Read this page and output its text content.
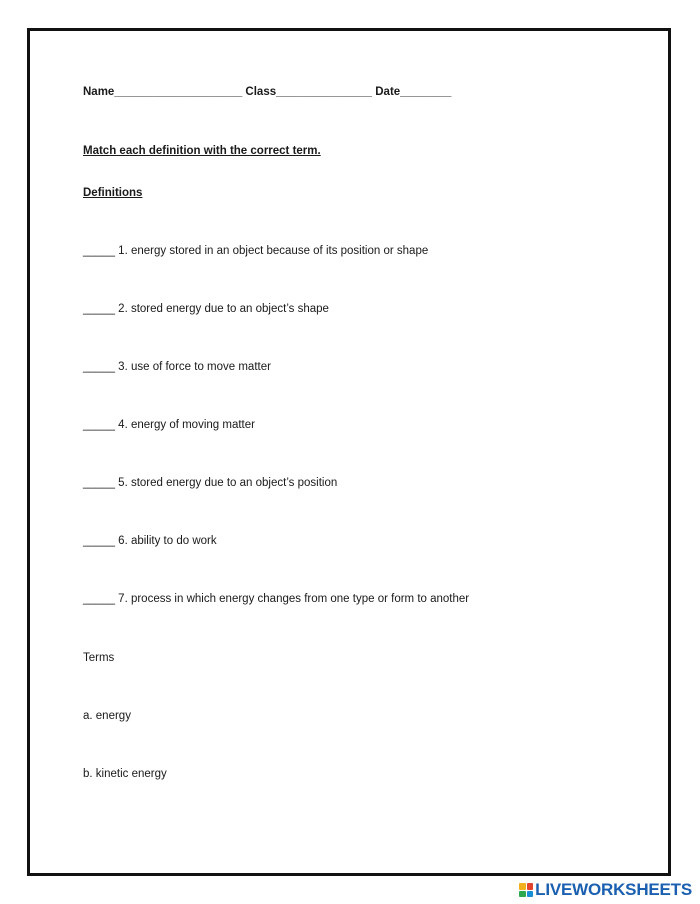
Name____________________ Class_______________ Date________
Match each definition with the correct term.
Definitions
_____ 1. energy stored in an object because of its position or shape
_____ 2. stored energy due to an object’s shape
_____ 3. use of force to move matter
_____ 4. energy of moving matter
_____ 5. stored energy due to an object’s position
_____ 6. ability to do work
_____ 7. process in which energy changes from one type or form to another
Terms
a. energy
b. kinetic energy
LIVEWORKSHEETS
